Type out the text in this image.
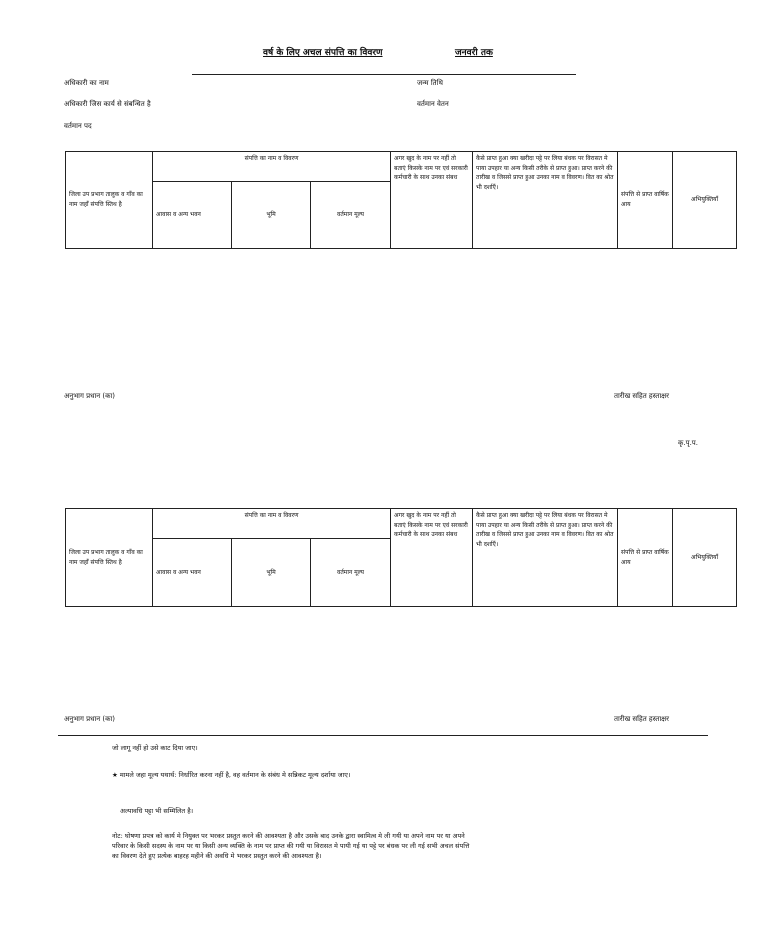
वर्ष के लिए अचल संपत्ति का विवरण	जनवरी तक
अधिकारी का नाम	जन्म तिथि
अधिकारी जिस कार्य से संबन्धित है	वर्तमान वेतन
वर्तमान पद
जिला उप प्रभाग तालुक व गाँव का नाम जहाँ संपत्ति स्तिथ है	संपत्ति का नाम व विवरण			अगर खुद के नाम पर नहीं तो बताएं किसके नाम पर एवं सरकारी कर्मचारी के साथ उनका संबध	कैसे प्राप्त हुआ क्या खरीदा पट्टे पर लिया बंधक पर विरासत मे पाया उपहार या अन्य किसी तरीके से प्राप्त हुआ। प्राप्त करने की तारीख व जिससे प्राप्त हुआ उनका नाम व विवरण। वित का श्रोत भी दर्शाएँ।	संपत्ति से प्राप्त वार्षिक आय	अभियुक्तियाँ
	आवास व अन्य भवन	भूमि	वर्तमान मूल्य				
अनुभाग प्रधान (का)	तारीख सहित हस्ताक्षर
कृ.पृ.प.
जिला उप प्रभाग तालुक व गाँव का नाम जहाँ संपत्ति स्तिथ है	संपत्ति का नाम व विवरण			अगर खुद के नाम पर नहीं तो बताएं किसके नाम पर एवं सरकारी कर्मचारी के साथ उनका संबध	कैसे प्राप्त हुआ क्या खरीदा पट्टे पर लिया बंधक पर विरासत मे पाया उपहार या अन्य किसी तरीके से प्राप्त हुआ। प्राप्त करने की तारीख व जिससे प्राप्त हुआ उनका नाम व विवरण। वित का श्रोत भी दर्शाएँ।	संपत्ति से प्राप्त वार्षिक आय	अभियुक्तियाँ
	आवास व अन्य भवन	भूमि	वर्तमान मूल्य				
अनुभाग प्रधान (का)	तारीख सहित हस्ताक्षर
जो लागू नहीं हो उसे काट दिया जाए।
★ मामले जहा मूल्य यथार्थ: निर्धारित करना नहीं है, वह वर्तमान के संबंध मे सन्निकट मूल्य दर्शाया जाए।
अल्पावधि पट्टा भी सम्मिलित है।
नोट: घोषणा प्रपत्र को कार्य मे नियुक्त पर भरकर प्रस्तुत करने की आवश्यता है और उसके बाद उनके द्वारा स्वामित्व मे ली गयी या अपने नाम पर या अपने परिवार के किसी सदस्य के नाम पर या किसी अन्य व्यक्ति के नाम पर प्राप्त की गयी या विरासत मे पायी गई या पट्टे पर बंधक पर ली गई सभी अचल संपत्ति का विवरण देते हुए प्रत्येक बाहरह महीने की अवधि मे भरकर प्रस्तुत करने की आवश्यता है।
